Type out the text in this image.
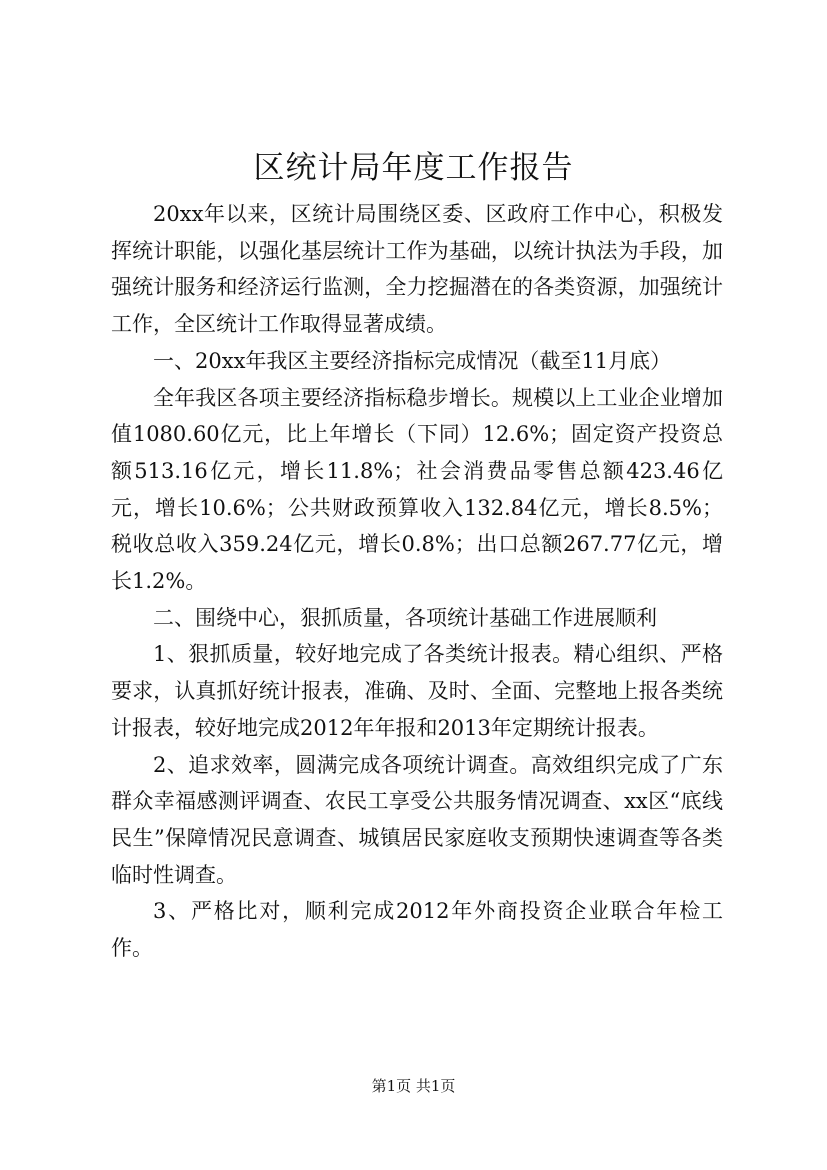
区统计局年度工作报告

20xx年以来，区统计局围绕区委、区政府工作中心，积极发挥统计职能，以强化基层统计工作为基础，以统计执法为手段，加强统计服务和经济运行监测，全力挖掘潜在的各类资源，加强统计工作，全区统计工作取得显著成绩。

一、20xx年我区主要经济指标完成情况（截至11月底）

全年我区各项主要经济指标稳步增长。规模以上工业企业增加值1080.60亿元，比上年增长（下同）12.6%；固定资产投资总额513.16亿元，增长11.8%；社会消费品零售总额423.46亿元，增长10.6%；公共财政预算收入132.84亿元，增长8.5%；税收总收入359.24亿元，增长0.8%；出口总额267.77亿元，增长1.2%。

二、围绕中心，狠抓质量，各项统计基础工作进展顺利

1、狠抓质量，较好地完成了各类统计报表。精心组织、严格要求，认真抓好统计报表，准确、及时、全面、完整地上报各类统计报表，较好地完成2012年年报和2013年定期统计报表。

2、追求效率，圆满完成各项统计调查。高效组织完成了广东群众幸福感测评调查、农民工享受公共服务情况调查、xx区“底线民生”保障情况民意调查、城镇居民家庭收支预期快速调查等各类临时性调查。

3、严格比对，顺利完成2012年外商投资企业联合年检工作。

第1页 共1页
